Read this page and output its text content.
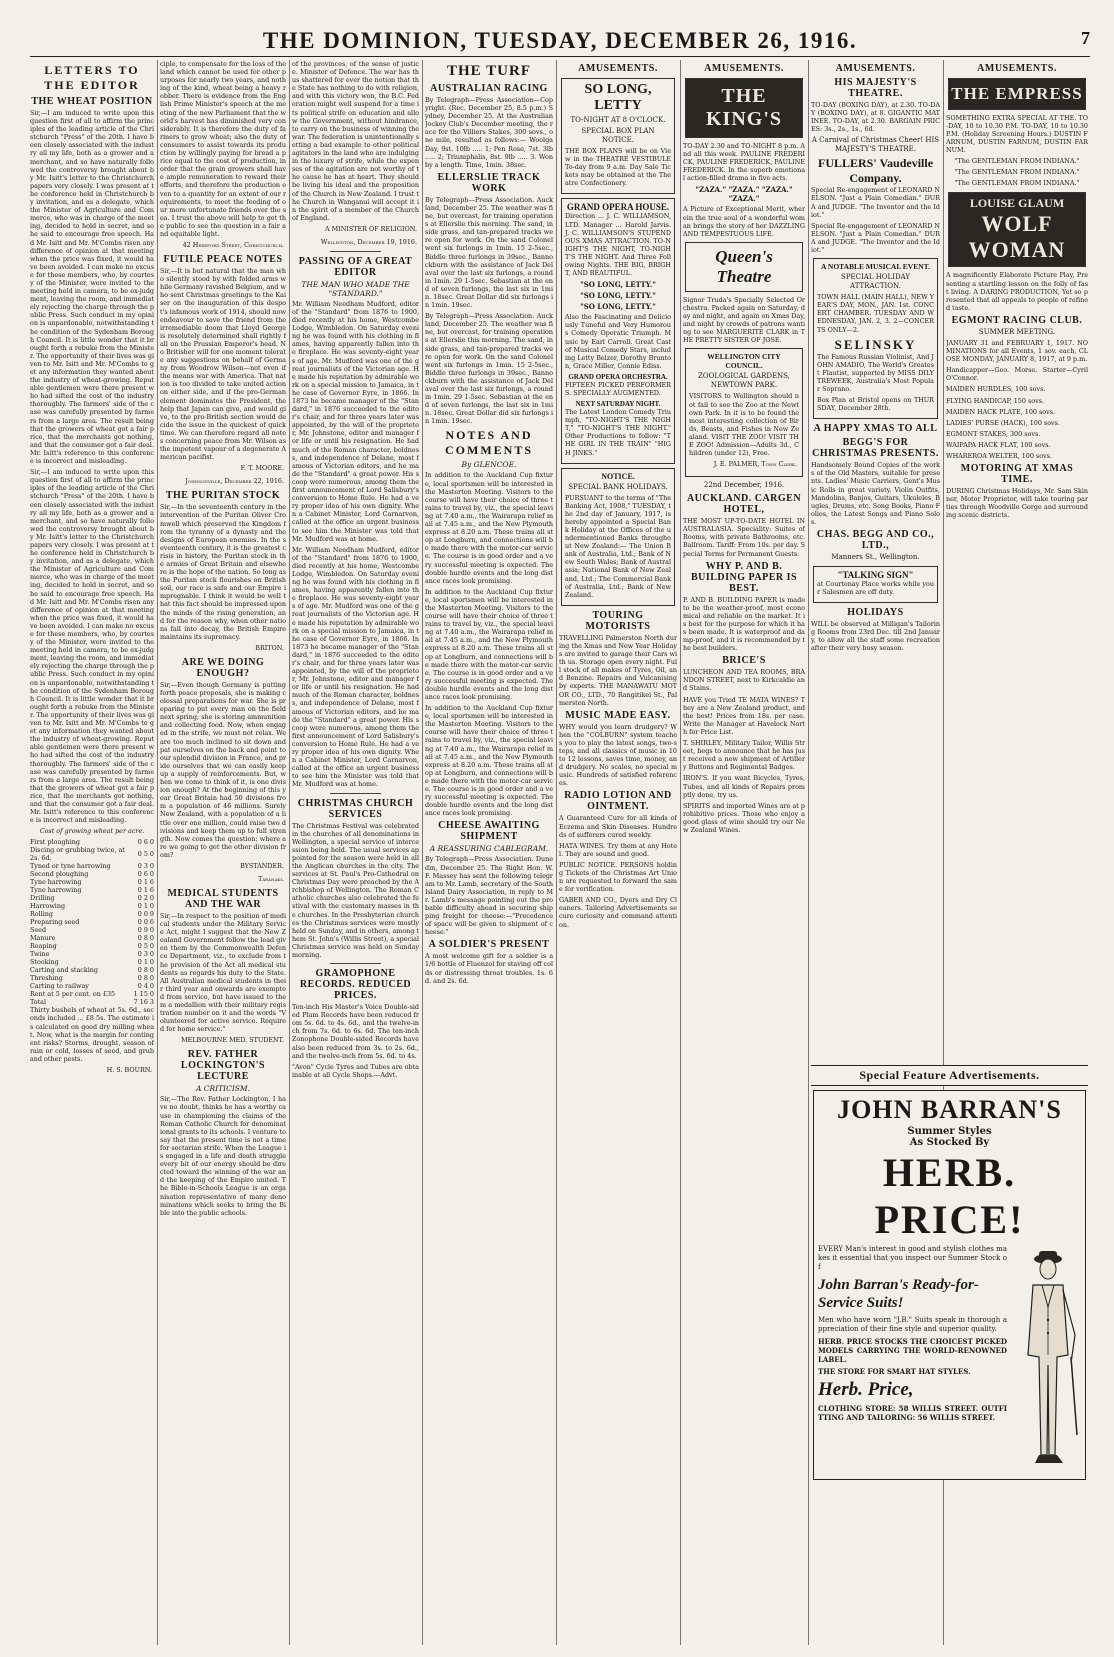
THE DOMINION, TUESDAY, DECEMBER 26, 1916.	7
LETTERS TO THE EDITOR
THE WHEAT POSITION

Sir,—I am induced to write upon this question first of all to affirm the principles of the leading article of the Christchurch "Press" of the 20th. I have been closely associated with the industry all my life, both as a grower and a merchant, and so have naturally followed the controversy brought about by Mr. Isitt's letter to the Christchurch papers very closely. I was present at the conference held in Christchurch by invitation, and as a delegate, which the Minister of Agriculture and Commerce, who was in charge of the meeting, decided to hold in secret, and so he said to encourage free speech. Had Mr. Isitt and Mr. M'Combs risen any difference of opinion at that meeting when the price was fixed, it would have been avoided. I can make no excuse for these members, who, by courtesy of the Minister, were invited to the meeting held in camera, to be ex-judgment, leaving the room, and immediately rejecting the charge through the public Press. Such conduct in my opinion is unpardonable, notwithstanding the condition of the Sydenham Borough Council. It is little wonder that it brought forth a rebuke from the Minister. The opportunity of their lives was given to Mr. Isitt and Mr. M'Combs to get any information they wanted about the industry of wheat-growing. Reputable gentlemen were there present who had sifted the cost of the industry thoroughly. The farmers' side of the case was carefully presented by farmers from a large area. The result being that the growers of wheat got a fair price, that the merchants got nothing, and that the consumer got a fair deal. Mr. Isitt's reference to this conference is incorrect and misleading.

Sir,—I am induced to write upon this question first of all to affirm the principles of the leading article of the Christchurch "Press" of the 20th. I have been closely associated with the industry all my life, both as a grower and a merchant, and so have naturally followed the controversy brought about by Mr. Isitt's letter to the Christchurch papers very closely. I was present at the conference held in Christchurch by invitation, and as a delegate, which the Minister of Agriculture and Commerce, who was in charge of the meeting, decided to hold in secret, and so he said to encourage free speech. Had Mr. Isitt and Mr. M'Combs risen any difference of opinion at that meeting when the price was fixed, it would have been avoided. I can make no excuse for these members, who, by courtesy of the Minister, were invited to the meeting held in camera, to be ex-judgment, leaving the room, and immediately rejecting the charge through the public Press. Such conduct in my opinion is unpardonable, notwithstanding the condition of the Sydenham Borough Council. It is little wonder that it brought forth a rebuke from the Minister. The opportunity of their lives was given to Mr. Isitt and Mr. M'Combs to get any information they wanted about the industry of wheat-growing. Reputable gentlemen were there present who had sifted the cost of the industry thoroughly. The farmers' side of the case was carefully presented by farmers from a large area. The result being that the growers of wheat got a fair price, that the merchants got nothing, and that the consumer got a fair deal. Mr. Isitt's reference to this conference is incorrect and misleading.

Cost of growing wheat per acre.

First ploughing	0 6 0
Discing or grubbing twice, at 2s. 6d.	0 5 0
Tyned or tyne harrowing	0 3 0
Second ploughing	0 6 0
Tyne harrowing	0 1 6
Tyne harrowing	0 1 6
Drilling	0 2 0
Harrowing	0 1 0
Rolling	0 0 9
Preparing seed	0 0 6
Seed	0 9 0
Manure	0 8 0
Reaping	0 5 0
Twine	0 3 0
Stooking	0 1 0
Carting and stacking	0 8 0
Threshing	0 8 0
Carting to railway	0 4 0
Rent at 5 per cent. on £35	1 15 0
Total	7 16 3

Thirty bushels of wheat at 5s. 6d., seconds included ... £8 5s. The estimate is calculated on good dry milling wheat. Now, what is the margin for contingent risks? Storms, drought, season of rain or cold, losses of seed, and grub and other pests.

H. S. BOURN.

ciple, to compensate for the loss of the land which cannot be used for other purposes for nearly two years, and nothing of the kind, wheat being a heavy robber. There is evidence from the English Prime Minister's speech at the meeting of the new Parliament that the world's harvest has diminished very considerably. It is therefore the duty of farmers to grow wheat; also the duty of consumers to assist towards its production by willingly paying for bread a price equal to the cost of production, in order that the grain growers shall have ample remuneration to reward their efforts, and therefore the production even to a quantity for an extent of our requirements, to meet the feeding of our more unfortunate friends over the sea. I trust the above will help to get the public to see the question in a fair and equitable light.

42 Hereford Street, Christchurch.
FUTILE PEACE NOTES

Sir,—It is but natural that the man who silently stood by with folded arms while Germany ravished Belgium, and who sent Christmas greetings to the Kaiser on the inauguration of this despot's infamous work of 1914, should now endeavour to save the friend from the irremediable doom that Lloyd George is resolutely determined shall rightly fall on the Prussian Emperor's head. No Britisher will for one moment tolerate any suggestions on behalf of Germany from Woodrow Wilson—not even if the means war with America. That nation is too divided to take united action on either side, and if the pro-German element dominates the President, the help that Japan can give, and would give, to the pro-British section would decide the issue in the quickest of quick time. We can therefore regard all notes concerning peace from Mr. Wilson as the impotent vapour of a degenerate American pacifist.

F. T. MOORE.
Johnsonville, December 22, 1916.
THE PURITAN STOCK

Sir,—In the seventeenth century in the intervention of the Puritan Oliver Cromwell which preserved the Kingdom from the tyranny of a dynasty and the designs of European enemies. In the seventeenth century, it is the greatest crisis in history, the Puritan stock in the armies of Great Britain and elsewhere is the hope of the nation. So long as the Puritan stock flourishes on British soil, our race is safe and our Empire impregnable. I think it would be well that this fact should be impressed upon the minds of the rising generation, and for the reason why, when other nations fall into decay, the British Empire maintains its supremacy.

BRITON.
ARE WE DOING ENOUGH?

Sir,—Even though Germany is putting forth peace proposals, she is making colossal preparations for war. She is preparing to put every man on the field next spring; she is storing ammunition and collecting food. Now, when engaged in the strife, we must not relax. We are too much inclined to sit down and pat ourselves on the back and point to our splendid division in France, and pride ourselves that we can easily keep up a supply of reinforcements. But, when we come to think of it, is one division enough? At the beginning of this year Great Britain had 50 divisions from a population of 46 millions. Surely New Zealand, with a population of a little over one million, could raise two divisions and keep them up to full strength. Now comes the question: where are we going to get the other division from?

BYSTANDER.
Taranaki.
MEDICAL STUDENTS AND THE WAR

Sir,—In respect to the position of medical students under the Military Service Act, might I suggest that the New Zealand Government follow the lead given them by the Commonwealth Defence Department, viz., to exclude from the provision of the Act all medical students as regards his duty to the State. All Australian medical students in their third year and onwards are exempted from service, but have issued to them a medallion with their military registration number on it and the words "Volunteered for active service. Required for home service."

MELBOURNE MED. STUDENT.
REV. FATHER LOCKINGTON'S LECTURE
A CRITICISM.

Sir,—The Rev. Father Lockington, I have no doubt, thinks he has a worthy cause in championing the claims of the Roman Catholic Church for denominational grants to its schools. I venture to say that the present time is not a time for sectarian strife. When the League is engaged in a life and death struggle every bit of our energy should be directed toward the winning of the war and the keeping of the Empire united. The Bible-in-Schools League is an organisation representative of many denominations which seeks to bring the Bible into the public schools.

of the provinces, of the sense of justice. Minister of Defence. The war has thus shattered for ever the notion that the State has nothing to do with religion, and with this victory won, the B.C. Federation might well suspend for a time its political strife on education and allow the Government, without hindrance, to carry on the business of winning the war. The federation is unintentionally setting a bad example to other political agitators in the land who are indulging in the luxury of strife, while the expenses of the agitation are not worthy of the cause he has at heart. They should be living his ideal and the proposition of the Church in New Zealand. I trust the Church in Wanganui will accept it in the spirit of a member of the Church of England.

A MINISTER OF RELIGION.
Wellington, December 19, 1916.
PASSING OF A GREAT EDITOR
THE MAN WHO MADE THE "STANDARD."

Mr. William Needham Mudford, editor of the "Standard" from 1876 to 1900, died recently at his home, Westcombe Lodge, Wimbledon. On Saturday evening he was found with his clothing in flames, having apparently fallen into the fireplace. He was seventy-eight years of age. Mr. Mudford was one of the great journalists of the Victorian age. He made his reputation by admirable work on a special mission to Jamaica, in the case of Governor Eyre, in 1866. In 1873 he became manager of the "Standard," in 1876 succeeded to the editor's chair, and for three years later was appointed, by the will of the proprietor, Mr. Johnstone, editor and manager for life or until his resignation. He had much of the Roman character, boldness, and independence of Delane, most famous of Victorian editors, and he made the "Standard" a great power. His scoop were numerous, among them the first announcement of Lord Salisbury's conversion to Home Rule. He had a very proper idea of his own dignity. When a Cabinet Minister, Lord Carnarvon, called at the office an urgent business to see him the Minister was told that Mr. Mudford was at home.

Mr. William Needham Mudford, editor of the "Standard" from 1876 to 1900, died recently at his home, Westcombe Lodge, Wimbledon. On Saturday evening he was found with his clothing in flames, having apparently fallen into the fireplace. He was seventy-eight years of age. Mr. Mudford was one of the great journalists of the Victorian age. He made his reputation by admirable work on a special mission to Jamaica, in the case of Governor Eyre, in 1866. In 1873 he became manager of the "Standard," in 1876 succeeded to the editor's chair, and for three years later was appointed, by the will of the proprietor, Mr. Johnstone, editor and manager for life or until his resignation. He had much of the Roman character, boldness, and independence of Delane, most famous of Victorian editors, and he made the "Standard" a great power. His scoop were numerous, among them the first announcement of Lord Salisbury's conversion to Home Rule. He had a very proper idea of his own dignity. When a Cabinet Minister, Lord Carnarvon, called at the office an urgent business to see him the Minister was told that Mr. Mudford was at home.

CHRISTMAS CHURCH SERVICES

The Christmas Festival was celebrated in the churches of all denominations in Wellington, a special service of intercession being held. The usual services appointed for the season were held in all the Anglican churches in the city. The services at St. Paul's Pro-Cathedral on Christmas Day were preached by the Archbishop of Wellington. The Roman Catholic churches also celebrated the festival with the customary masses in the churches. In the Presbyterian churches the Christmas services were mostly held on Sunday, and in others, among them St. John's (Willis Street), a special Christmas service was held on Sunday morning.

GRAMOPHONE RECORDS. REDUCED PRICES.

Ten-inch His Master's Voice Double-sided Plum Records have been reduced from 5s. 6d. to 4s. 6d., and the twelve-inch from 7s. 6d. to 6s. 6d. The ten-inch Zonophone Double-sided Records have also been reduced from 3s. to 2s. 6d., and the twelve-inch from 5s. 6d. to 4s.

"Avon" Cycle Tyres and Tubes are obtainable at all Cycle Shops.—Advt.

THE TURF
AUSTRALIAN RACING

By Telegraph—Press Association—Copyright. (Rec. December 25, 8.5 p.m.) Sydney, December 25. At the Australian Jockey Club's December meeting, the race for the Villiers Stakes, 300 sovs., one mile, resulted as follows:— Woolga Day, 9st. 10lb ..... 1; Pen Rose, 7st. 3lb ..... 2; Triumphalis, 8st. 9lb ..... 3. Won by a length. Time, 1min. 38sec.

ELLERSLIE TRACK WORK

By Telegraph—Press Association. Auckland, December 25. The weather was fine, but overcast, for training operations at Ellerslie this morning. The sand, inside grass, and tan-prepared tracks were open for work. On the sand Colonel went six furlongs in 1min. 15 2-5sec., Biddle three furlongs in 39sec., Bannockburn with the assistance of Jack Delaval over the last six furlongs, a round in 1min. 29 1-5sec. Sebastian at the end of seven furlongs, the last six in 1min. 18sec. Great Dollar did six furlongs in 1min. 19sec.

By Telegraph—Press Association. Auckland, December 25. The weather was fine, but overcast, for training operations at Ellerslie this morning. The sand, inside grass, and tan-prepared tracks were open for work. On the sand Colonel went six furlongs in 1min. 15 2-5sec., Biddle three furlongs in 39sec., Bannockburn with the assistance of Jack Delaval over the last six furlongs, a round in 1min. 29 1-5sec. Sebastian at the end of seven furlongs, the last six in 1min. 18sec. Great Dollar did six furlongs in 1min. 19sec.

NOTES AND COMMENTS
By GLENCOE.

In addition to the Auckland Cup fixture, local sportsmen will be interested in the Masterton Meeting. Visitors to the course will have their choice of three trains to travel by, viz., the special leaving at 7.40 a.m., the Wairarapa relief mail at 7.45 a.m., and the New Plymouth express at 8.20 a.m. These trains all stop at Longburn, and connections will be made there with the motor-car service. The course is in good order and a very successful meeting is expected. The double hurdle events and the long distance races look promising.

In addition to the Auckland Cup fixture, local sportsmen will be interested in the Masterton Meeting. Visitors to the course will have their choice of three trains to travel by, viz., the special leaving at 7.40 a.m., the Wairarapa relief mail at 7.45 a.m., and the New Plymouth express at 8.20 a.m. These trains all stop at Longburn, and connections will be made there with the motor-car service. The course is in good order and a very successful meeting is expected. The double hurdle events and the long distance races look promising.

In addition to the Auckland Cup fixture, local sportsmen will be interested in the Masterton Meeting. Visitors to the course will have their choice of three trains to travel by, viz., the special leaving at 7.40 a.m., the Wairarapa relief mail at 7.45 a.m., and the New Plymouth express at 8.20 a.m. These trains all stop at Longburn, and connections will be made there with the motor-car service. The course is in good order and a very successful meeting is expected. The double hurdle events and the long distance races look promising.

CHEESE AWAITING SHIPMENT
A REASSURING CABLEGRAM.

By Telegraph—Press Association. Dunedin, December 25. The Right Hon. W. F. Massey has sent the following telegram to Mr. Lamb, secretary of the South Island Dairy Association, in reply to Mr. Lamb's message pointing out the probable difficulty ahead in securing shipping freight for cheese:—"Precedence of space will be given to shipment of cheese."

A SOLDIER'S PRESENT

A most welcome gift for a soldier is a 1/6 bottle of Fluenzol for staving off colds or distressing throat troubles. 1s. 6d. and 2s. 6d.

AMUSEMENTS.
SO LONG, LETTY
TO-NIGHT AT 8 O'CLOCK.
SPECIAL BOX PLAN NOTICE.

THE BOX PLANS will be on View in the THEATRE VESTIBULE To-day from 9 a.m. Day Sale Tickets may be obtained at the Theatre Confectionery.

GRAND OPERA HOUSE.

Direction ... J. C. WILLIAMSON, LTD. Manager ... Harold Jarvis. J. C. WILLIAMSON'S STUPENDOUS XMAS ATTRACTION. TO-NIGHT'S THE NIGHT, TO-NIGHT'S THE NIGHT. And Three Following Nights. THE BIG, BRIGHT, AND BEAUTIFUL.

"SO LONG, LETTY."
"SO LONG, LETTY."
"SO LONG, LETTY."

Also the Fascinating and Deliciously Tuneful and Very Humorous Comedy Operatic Triumph. Music by Earl Carroll. Great Cast of Musical Comedy Stars, including Letty Belzer, Dorothy Brunton, Grace Miller, Connie Ediss.

GRAND OPERA ORCHESTRA.

FIFTEEN PICKED PERFORMERS. SPECIALLY AUGMENTED.

NEXT SATURDAY NIGHT.

The Latest London Comedy Triumph, "TO-NIGHT'S THE NIGHT," "TO-NIGHT'S THE NIGHT." Other Productions to follow: "THE GIRL IN THE TRAIN" "HIGH JINKS."

NOTICE.
SPECIAL BANK HOLIDAYS.

PURSUANT to the terms of "The Banking Act, 1908," TUESDAY, the 2nd day of January, 1917, is hereby appointed a Special Bank Holiday at the Offices of the undermentioned Banks throughout New Zealand:— The Union Bank of Australia, Ltd.; Bank of New South Wales; Bank of Australasia; National Bank of New Zealand, Ltd.; The Commercial Bank of Australia, Ltd.; Bank of New Zealand.

TOURING MOTORISTS

TRAVELLING Palmerston North during the Xmas and New Year Holidays are invited to garage their Cars with us. Storage open every night. Full stock of all makes of Tyres, Oil, and Benzine. Repairs and Vulcanising by experts. THE MANAWATU MOTOR CO., LTD., 70 Rangitikei St., Palmerston North.

MUSIC MADE EASY.

WHY would you learn drudgery? When the "COLBURN" system teaches you to play the latest songs, two-steps, and all classics of music in 10 to 12 lessons, saves time, money, and drudgery. No scales, no special music. Hundreds of satisfied references.

RADIO LOTION AND OINTMENT.

A Guaranteed Cure for all kinds of Eczema and Skin Diseases. Hundreds of sufferers cured weekly.

HATA WINES. Try them at any Hotel. They are sound and good.

PUBLIC NOTICE. PERSONS holding Tickets of the Christmas Art Union are requested to forward the same for verification.

GABER AND CO., Dyers and Dry Cleaners. Tailoring Advertisements secure curiosity and command attention.

AMUSEMENTS.
THE KING'S

TO-DAY 2.30 and TO-NIGHT 8 p.m. And all this week. PAULINE FREDERICK, PAULINE FREDERICK, PAULINE FREDERICK. In the superb emotional action-filled drama in five acts.

"ZAZA." "ZAZA." "ZAZA." "ZAZA."

A Picture of Exceptional Merit, wherein the true soul of a wonderful woman brings the story of her DAZZLING AND TEMPESTUOUS LIFE.

Queen's Theatre

Signor Truda's Specially Selected Orchestra. Packed again on Saturday, day and night, and again on Xmas Day, and night by crowds of patrons wanting to see MARGUERITE CLARK in THE PRETTY SISTER OF JOSE.

WELLINGTON CITY COUNCIL.
ZOOLOGICAL GARDENS, NEWTOWN PARK.

VISITORS to Wellington should not fail to see the Zoo at the Newtown Park. In it is to be found the most interesting collection of Birds, Beasts, and Fishes in New Zealand. VISIT THE ZOO! VISIT THE ZOO! Admission—Adults 3d., Children (under 12), Free.

J. E. PALMER, Town Clerk.
22nd December, 1916.
AUCKLAND. CARGEN HOTEL,

THE MOST UP-TO-DATE HOTEL IN AUSTRALASIA. Speciality: Suites of Rooms, with private Bathrooms, etc. Ballroom. Tariff: From 10s. per day. Special Terms for Permanent Guests.

WHY P. AND B. BUILDING PAPER IS BEST.

P. AND B. BUILDING PAPER is made to be the weather-proof, most economical and reliable on the market. It is best for the purpose for which it has been made. It is waterproof and damp-proof, and it is recommended by the best builders.

BRICE'S

LUNCHEON AND TEA ROOMS, BRANDON STREET, next to Kirkcaldie and Stains.

HAVE you Tried TE MATA WINES? They are a New Zealand product, and the best! Prices from 18s. per case. Write the Manager at Havelock North for Price List.

T. SHIRLEY, Military Tailor, Willis Street, begs to announce that he has just received a new shipment of Artillery Buttons and Regimental Badges.

IRON'S. If you want Bicycles, Tyres, Tubes, and all kinds of Repairs promptly done, try us.

SPIRITS and imported Wines are at prohibitive prices. Those who enjoy a good glass of wine should try our New Zealand Wines.

AMUSEMENTS.
HIS MAJESTY'S THEATRE.

TO-DAY (BOXING DAY), at 2.30. TO-DAY (BOXING DAY), at 8. GIGANTIC MATINEE. TO-DAY, at 2.30. BARGAIN PRICES: 3s., 2s., 1s., 6d.

A Carnival of Christmas Cheer! HIS MAJESTY'S THEATRE.
FULLERS' Vaudeville Company.

Special Re-engagement of LEONARD NELSON. "Just a Plain Comedian." DURA and JUDGE. "The Inventor and the Idiot."

Special Re-engagement of LEONARD NELSON. "Just a Plain Comedian." DURA and JUDGE. "The Inventor and the Idiot."

A NOTABLE MUSICAL EVENT.
SPECIAL HOLIDAY ATTRACTION.

TOWN HALL (MAIN HALL), NEW YEAR'S DAY, MON., JAN. 1st. CONCERT CHAMBER. TUESDAY AND WEDNESDAY, JAN. 2, 3. 2—CONCERTS ONLY—2.

SELINSKY

The Famous Russian Violinist, And JOHN AMADIO, The World's Greatest Flautist, supported by MISS DILY TREWEEK, Australia's Most Popular Soprano.

Box Plan at Bristol opens on THURSDAY, December 28th.

A HAPPY XMAS TO ALL
BEGG'S FOR CHRISTMAS PRESENTS.

Handsomely Bound Copies of the works of the Old Masters, suitable for presents. Ladies' Music Carriers, Gent's Music Rolls in great variety. Violin Outfits, Mandolins, Banjos, Guitars, Ukuleles, Bugles, Drums, etc. Song Books, Piano Folios, the Latest Songs and Piano Solos.

CHAS. BEGG AND CO., LTD.,
Manners St., Wellington.
"TALKING SIGN"

at Courtenay Place works while your Salesmen are off duty.

HOLIDAYS

WILL be observed at Milligan's Tailoring Rooms from 23rd Dec. till 2nd January, to allow all the staff some recreation after their very busy season.

AMUSEMENTS.
THE EMPRESS

SOMETHING EXTRA SPECIAL AT THE. TO-DAY, 10 to 10.30 P.M. TO-DAY, 10 to 10.30 P.M. (Holiday Screening Hours.) DUSTIN FARNUM, DUSTIN FARNUM, DUSTIN FARNUM.

"The GENTLEMAN FROM INDIANA."
"The GENTLEMAN FROM INDIANA."
"The GENTLEMAN FROM INDIANA."
LOUISE GLAUM
WOLF WOMAN

A magnificently Elaborate Picture Play, Presenting a startling lesson on the folly of fast living. A DARING PRODUCTION, Yet so presented that all appeals to people of refined taste.

EGMONT RACING CLUB.
SUMMER MEETING.

JANUARY 31 and FEBRUARY 1, 1917. NOMINATIONS for all Events, 1 sov. each, CLOSE MONDAY, JANUARY 8, 1917, at 9 p.m.

Handicapper—Geo. Morse. Starter—Cyril O'Connor.

MAIDEN HURDLES, 100 sovs.

FLYING HANDICAP, 150 sovs.

MAIDEN HACK PLATE, 100 sovs.

LADIES' PURSE (HACK), 100 sovs.

EGMONT STAKES, 300 sovs.

WAIPAPA HACK FLAT, 100 sovs.

WHAREROA WELTER, 100 sovs.

MOTORING AT XMAS TIME.

DURING Christmas Holidays, Mr. Sam Skinner, Motor Proprietor, will take touring parties through Woodville Gorge and surrounding scenic districts.

Special Feature Advertisements.
JOHN BARRAN'S
Summer Styles
As Stocked By
HERB. PRICE!

EVERY Man's interest in good and stylish clothes makes it essential that you inspect our Summer Stock of

John Barran's Ready-for-Service Suits!

Men who have worn "J.B." Suits speak in thorough appreciation of their fine style and superior quality.

HERB. PRICE STOCKS THE CHOICEST PICKED MODELS CARRYING THE WORLD-RENOWNED LABEL.

THE STORE FOR SMART HAT STYLES.

Herb. Price,

CLOTHING STORE: 58 WILLIS STREET. OUTFITTING AND TAILORING: 56 WILLIS STREET.
